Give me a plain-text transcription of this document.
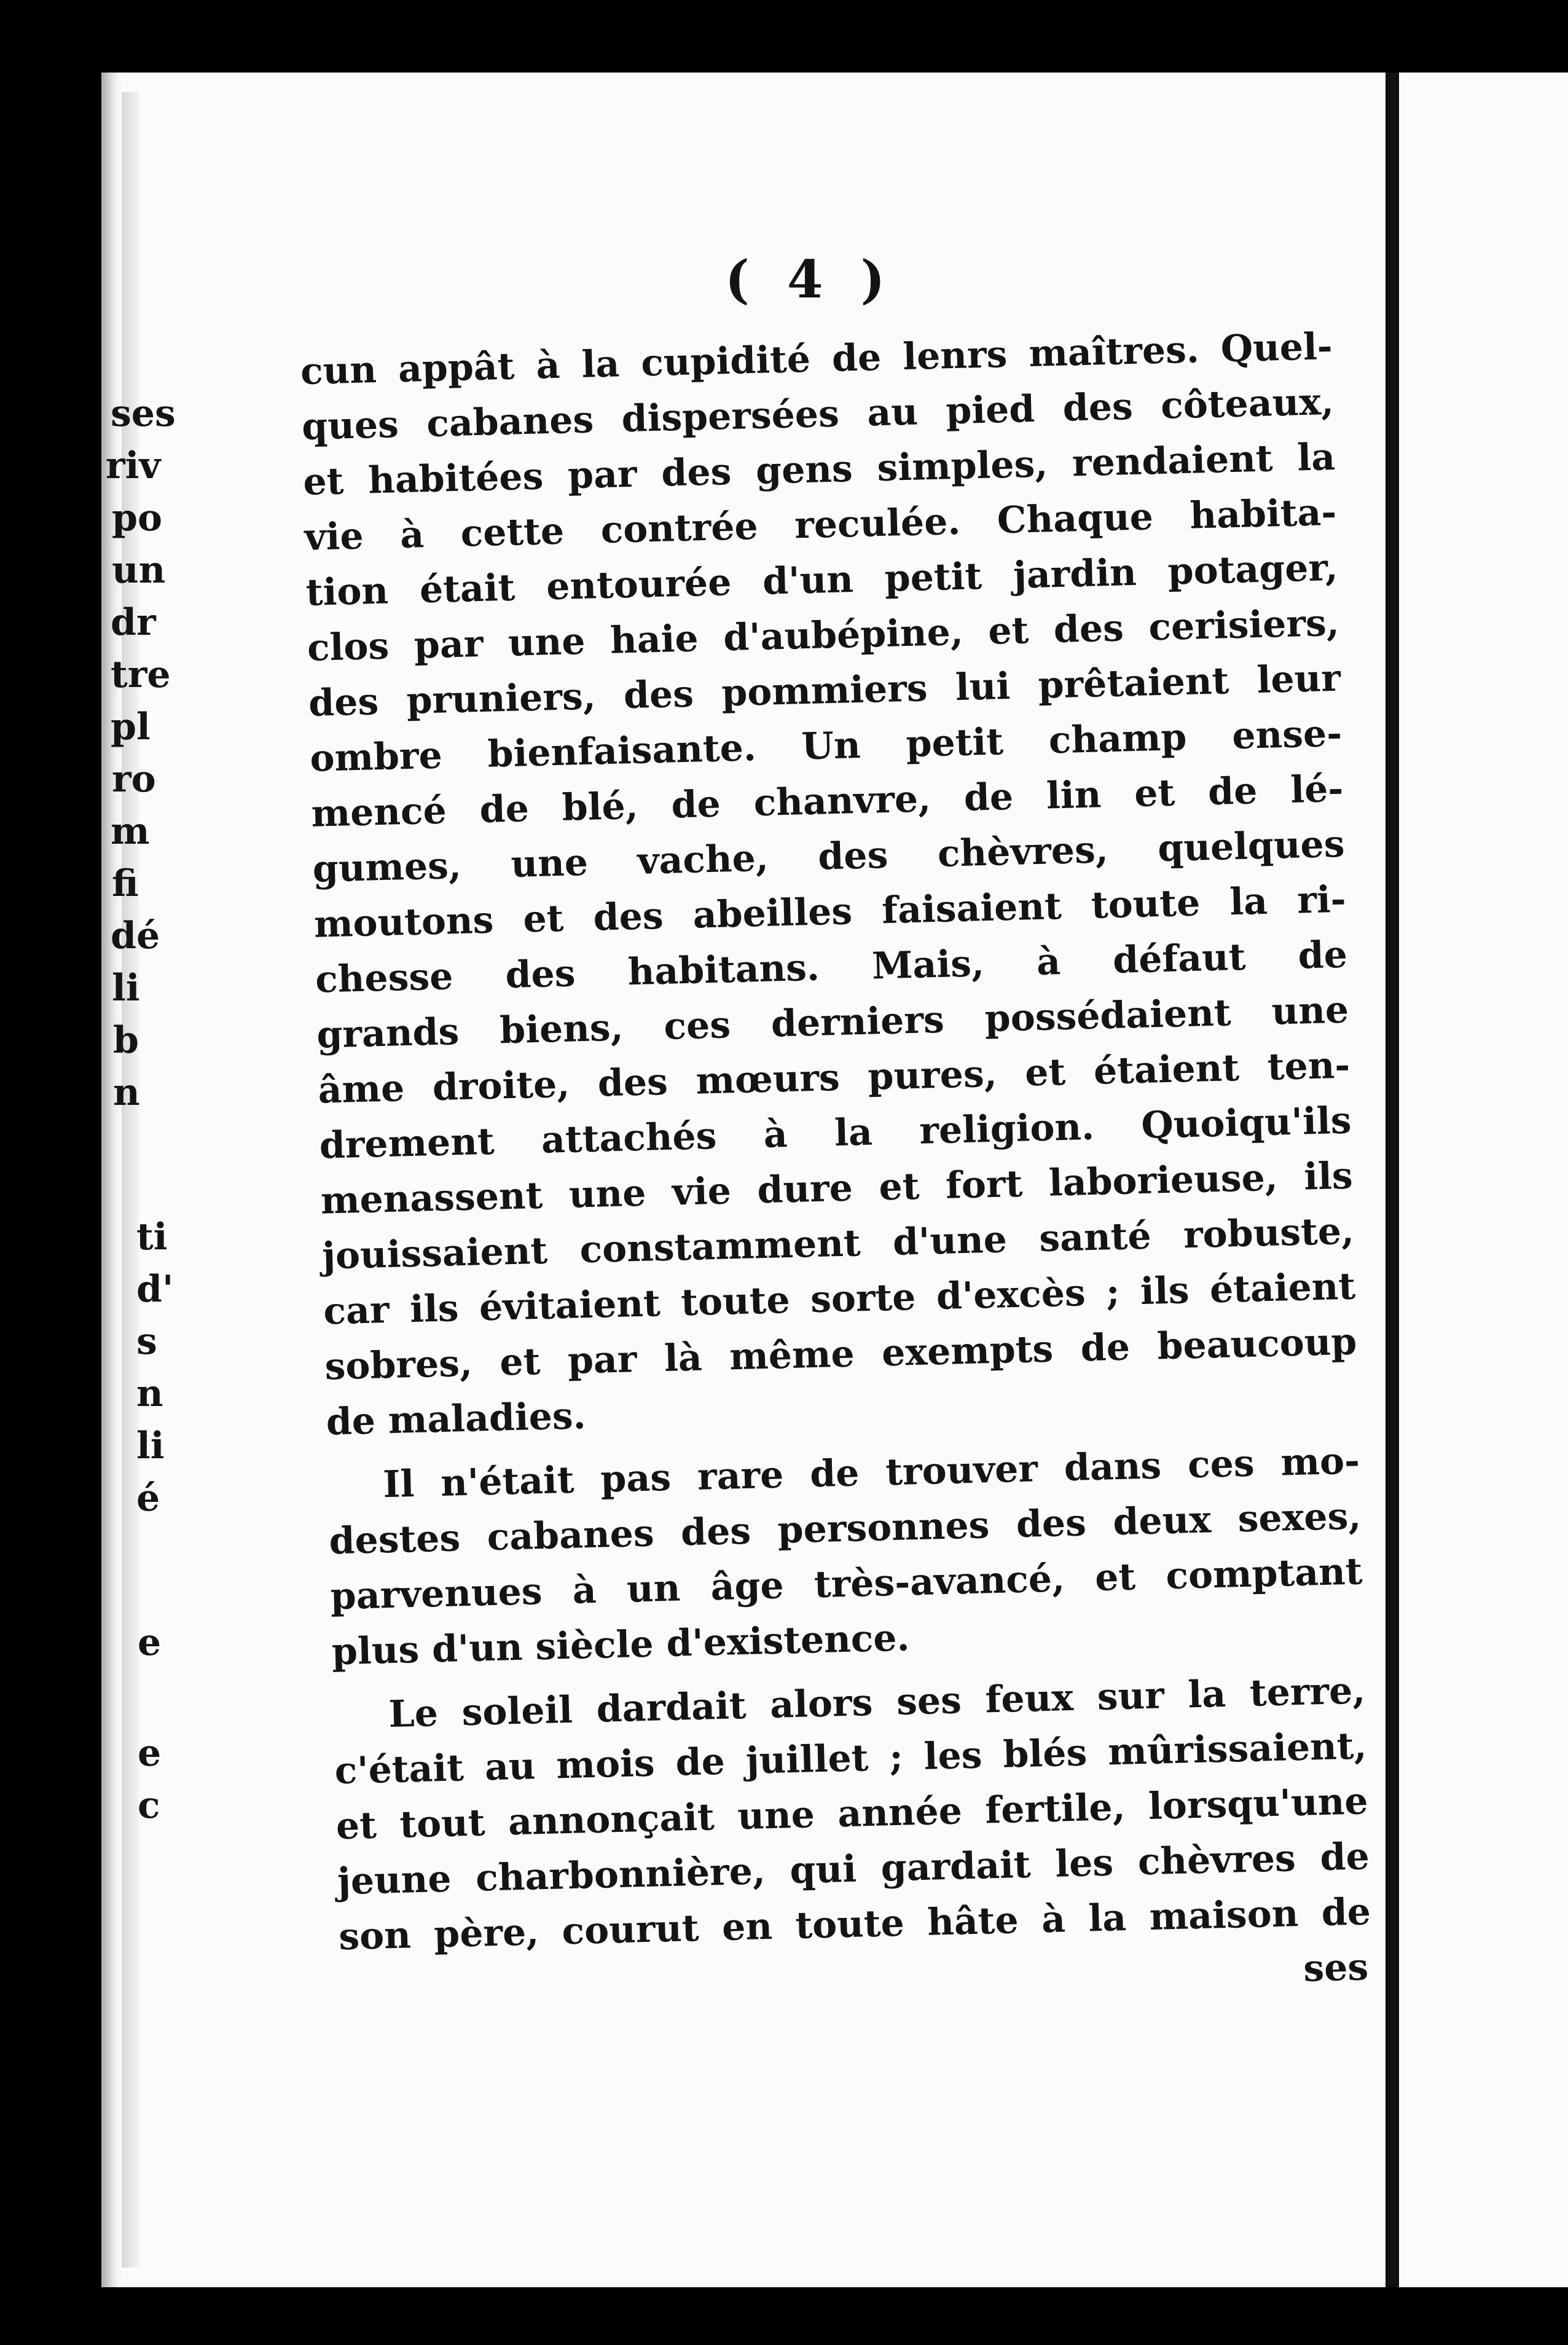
( 4 )
cun appât à la cupidité de lenrs maîtres. Quel-
ques cabanes dispersées au pied des côteaux,
et habitées par des gens simples, rendaient la
vie à cette contrée reculée. Chaque habita-
tion était entourée d'un petit jardin potager,
clos par une haie d'aubépine, et des cerisiers,
des pruniers, des pommiers lui prêtaient leur
ombre bienfaisante. Un petit champ ense-
mencé de blé, de chanvre, de lin et de lé-
gumes, une vache, des chèvres, quelques
moutons et des abeilles faisaient toute la ri-
chesse des habitans. Mais, à défaut de
grands biens, ces derniers possédaient une
âme droite, des mœurs pures, et étaient ten-
drement attachés à la religion. Quoiqu'ils
menassent une vie dure et fort laborieuse, ils
jouissaient constamment d'une santé robuste,
car ils évitaient toute sorte d'excès ; ils étaient
sobres, et par là même exempts de beaucoup
de maladies.
Il n'était pas rare de trouver dans ces mo-
destes cabanes des personnes des deux sexes,
parvenues à un âge très-avancé, et comptant
plus d'un siècle d'existence.
Le soleil dardait alors ses feux sur la terre,
c'était au mois de juillet ; les blés mûrissaient,
et tout annonçait une année fertile, lorsqu'une
jeune charbonnière, qui gardait les chèvres de
son père, courut en toute hâte à la maison de
ses
ses
riv
po
un
dr
tre
pl
ro
m
fi
dé
li
b
n
ti
d'
s
n
li
é
e
e
c
